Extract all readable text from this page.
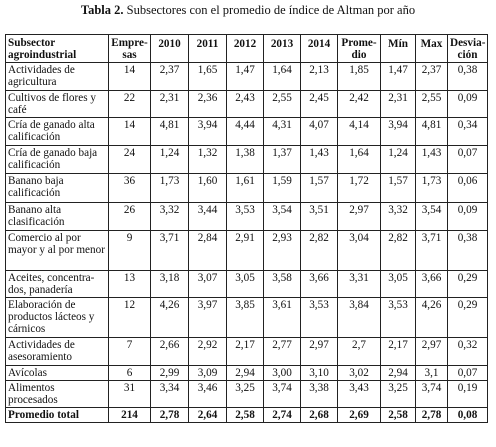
Tabla 2. Subsectores con el promedio de índice de Altman por año
Subsector agroindustrial	Empre-sas	2010	2011	2012	2013	2014	Prome-dio	Mín	Max	Desvia-ción
Actividades de agricultura	14	2,37	1,65	1,47	1,64	2,13	1,85	1,47	2,37	0,38
Cultivos de flores y café	22	2,31	2,36	2,43	2,55	2,45	2,42	2,31	2,55	0,09
Cría de ganado alta calificación	14	4,81	3,94	4,44	4,31	4,07	4,14	3,94	4,81	0,34
Cría de ganado baja calificación	24	1,24	1,32	1,38	1,37	1,43	1,64	1,24	1,43	0,07
Banano baja calificación	36	1,73	1,60	1,61	1,59	1,57	1,72	1,57	1,73	0,06
Banano alta clasificación	26	3,32	3,44	3,53	3,54	3,51	2,97	3,32	3,54	0,09
Comercio al por mayor y al por menor	9	3,71	2,84	2,91	2,93	2,82	3,04	2,82	3,71	0,38
Aceites, concentra-dos, panadería	13	3,18	3,07	3,05	3,58	3,66	3,31	3,05	3,66	0,29
Elaboración de productos lácteos y cárnicos	12	4,26	3,97	3,85	3,61	3,53	3,84	3,53	4,26	0,29
Actividades de asesoramiento	7	2,66	2,92	2,17	2,77	2,97	2,7	2,17	2,97	0,32
Avícolas	6	2,99	3,09	2,94	3,00	3,10	3,02	2,94	3,1	0,07
Alimentos procesados	31	3,34	3,46	3,25	3,74	3,38	3,43	3,25	3,74	0,19
Promedio total	214	2,78	2,64	2,58	2,74	2,68	2,69	2,58	2,78	0,08
